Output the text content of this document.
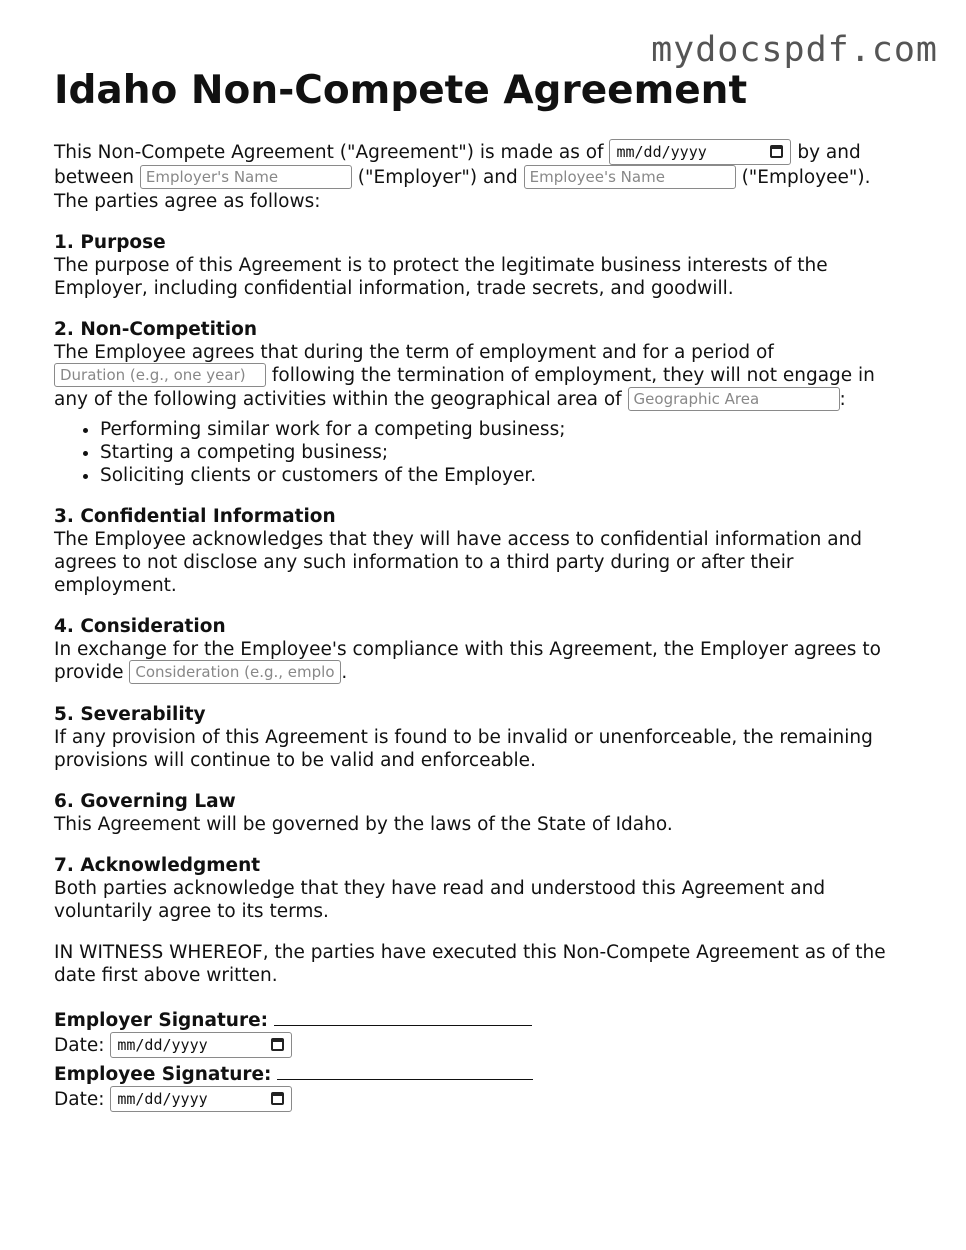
mydocspdf.com
Idaho Non-Compete Agreement

This Non-Compete Agreement ("Agreement") is made as of mm/dd/yyyy	by and
between Employer's Name	("Employer") and Employee's Name	("Employee").
The parties agree as follows:

1. Purpose

The purpose of this Agreement is to protect the legitimate business interests of the Employer, including confidential information, trade secrets, and goodwill.

2. Non-Competition

The Employee agrees that during the term of employment and for a period of
Duration (e.g., one year) following the termination of employment, they will not engage in any of the following activities within the geographical area of Geographic Area	:

• Performing similar work for a competing business;
• Starting a competing business;
• Soliciting clients or customers of the Employer.

3. Confidential Information

The Employee acknowledges that they will have access to confidential information and agrees to not disclose any such information to a third party during or after their employment.

4. Consideration

In exchange for the Employee's compliance with this Agreement, the Employer agrees to provide Consideration (e.g., emplo .

5. Severability

If any provision of this Agreement is found to be invalid or unenforceable, the remaining provisions will continue to be valid and enforceable.

6. Governing Law

This Agreement will be governed by the laws of the State of Idaho.

7. Acknowledgment

Both parties acknowledge that they have read and understood this Agreement and voluntarily agree to its terms.

IN WITNESS WHEREOF, the parties have executed this Non-Compete Agreement as of the date first above written.

Employer Signature:

Date: mm/dd/yyyy

Employee Signature:

Date: mm/dd/yyyy
